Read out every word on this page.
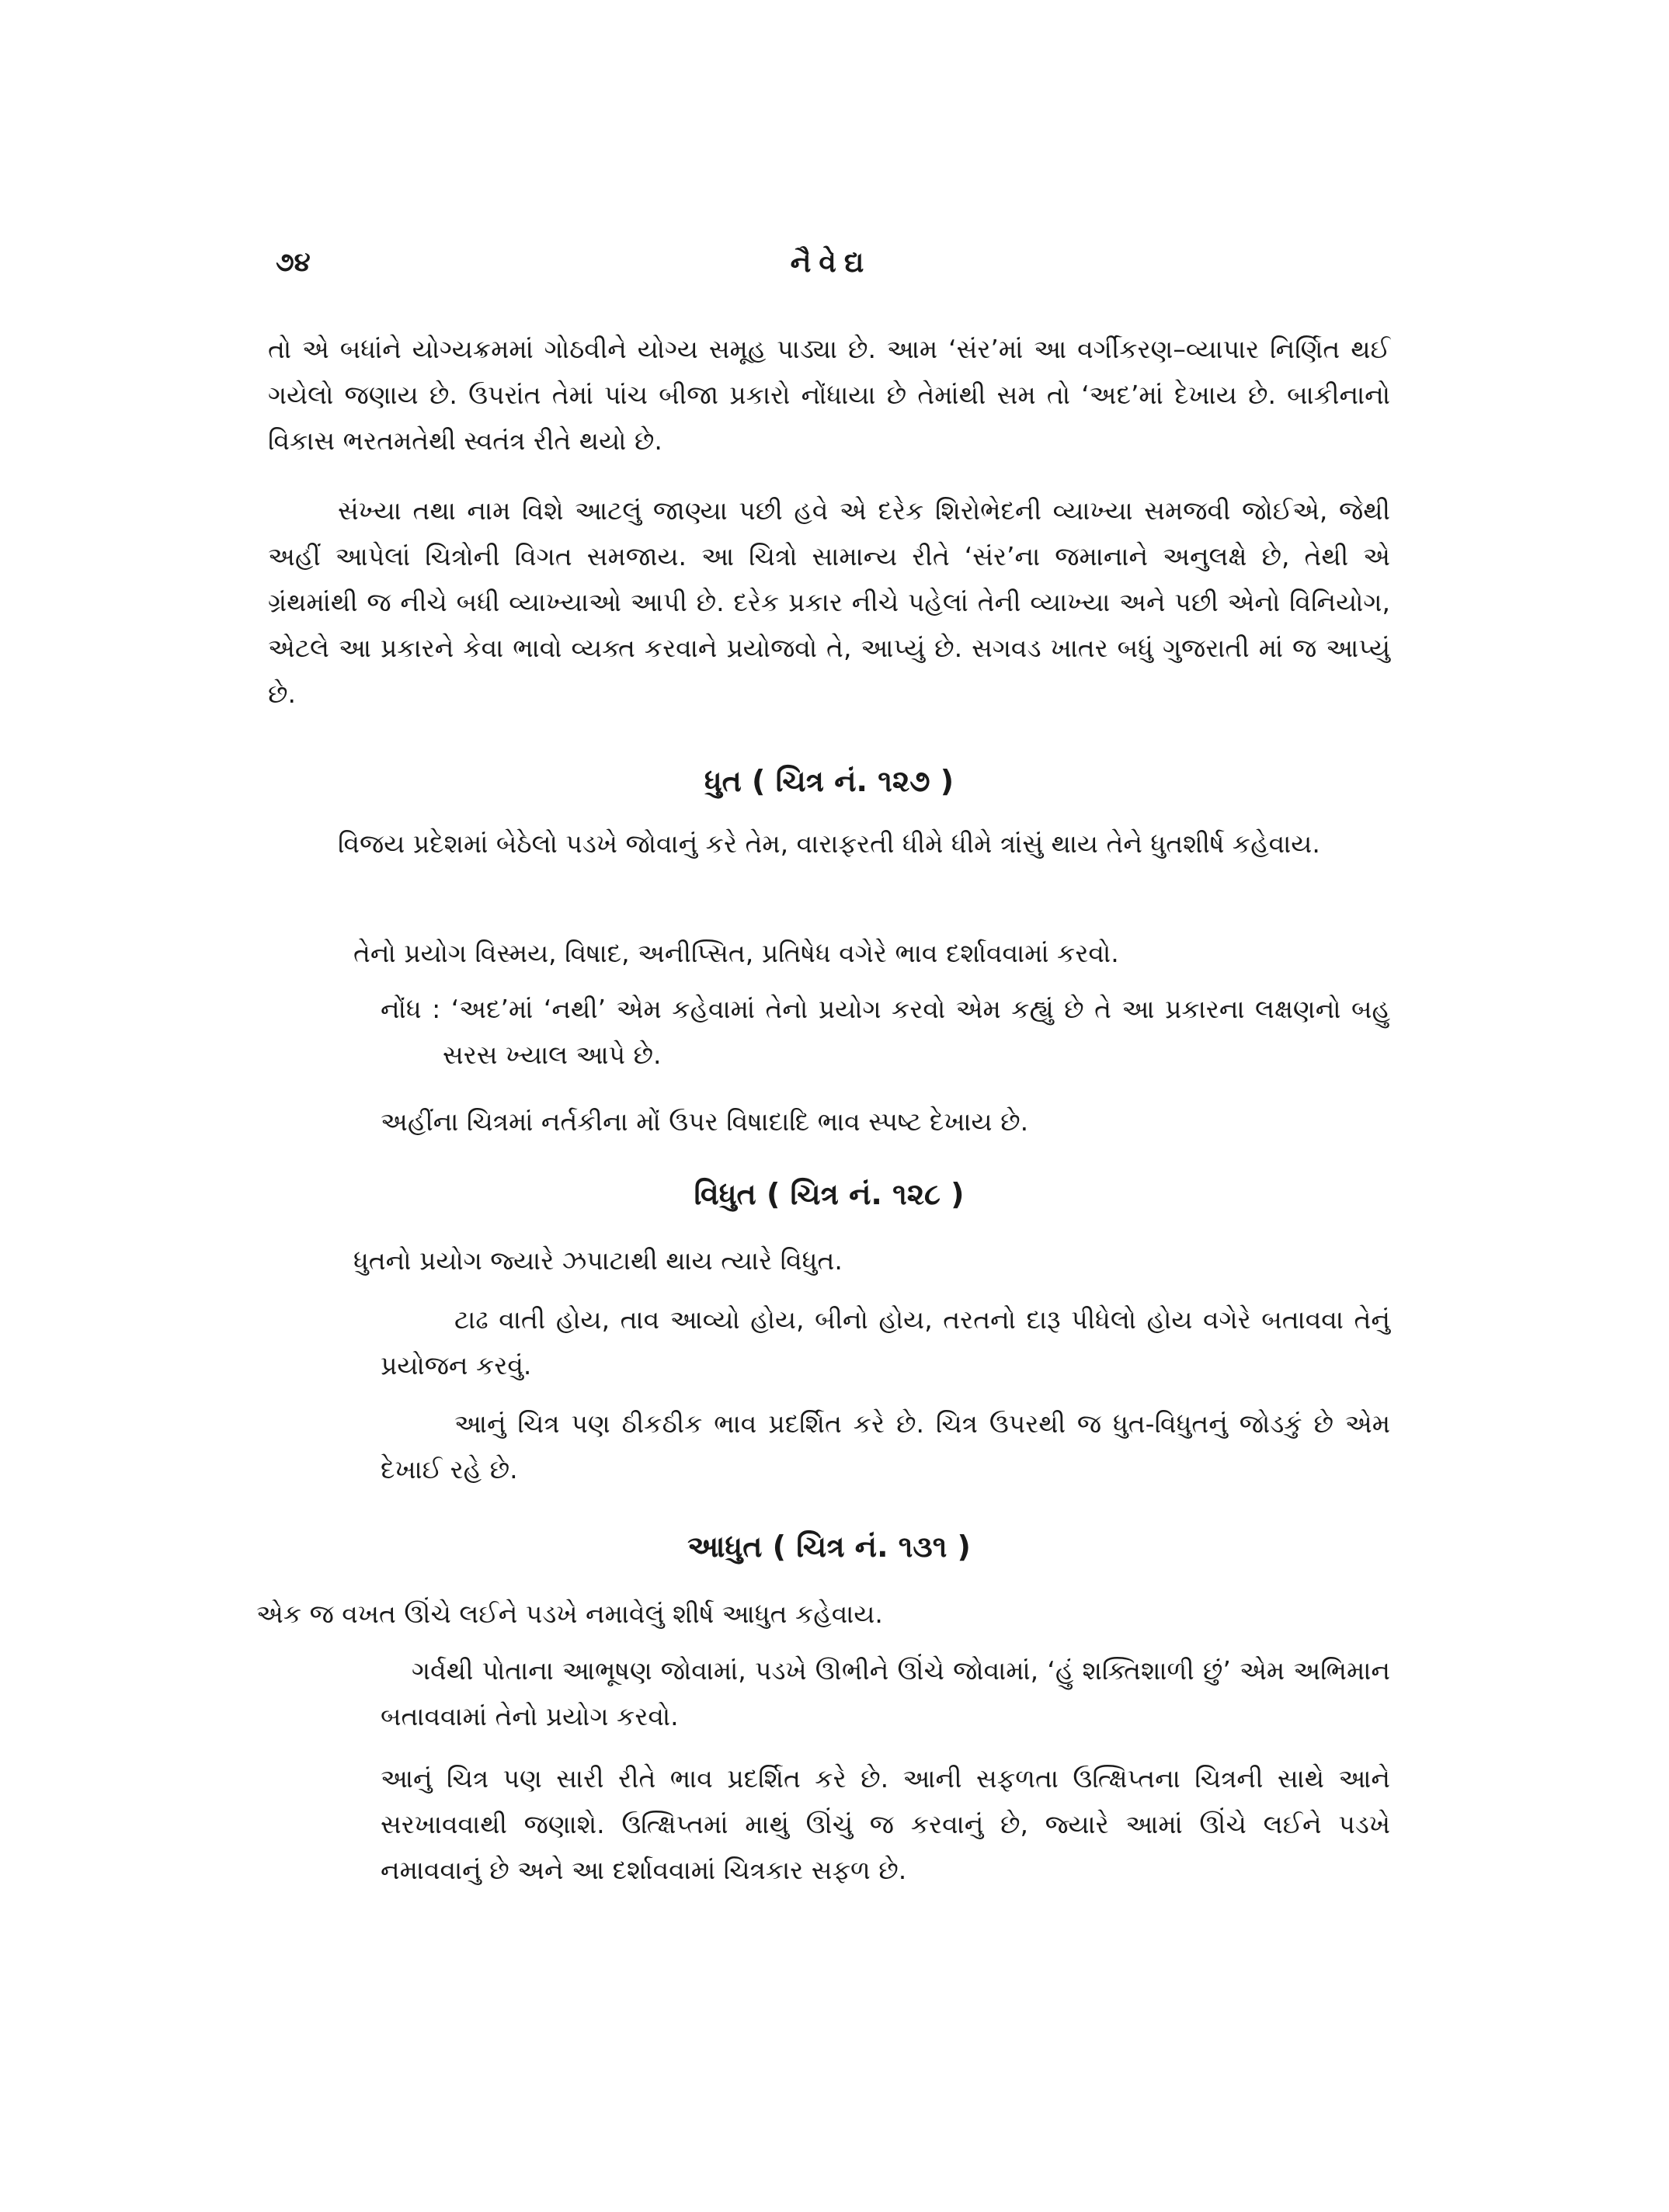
૭૪	નૈવેદ્ય

તો એ બધાંને યોગ્યક્રમમાં ગોઠવીને યોગ્ય સમૂહ પાડ્યા છે. આમ ‘સંર’માં આ વર્ગીકરણ–વ્યાપાર નિર્ણિત થઈ ગયેલો જણાય છે. ઉપરાંત તેમાં પાંચ બીજા પ્રકારો નોંધાયા છે તેમાંથી સમ તો ‘અદ’માં દેખાય છે. બાકીનાનો વિકાસ ભરતમતેથી સ્વતંત્ર રીતે થયો છે.

સંખ્યા તથા નામ વિશે આટલું જાણ્યા પછી હવે એ દરેક શિરોભેદની વ્યાખ્યા સમજવી જોઈએ, જેથી અહીં આપેલાં ચિત્રોની વિગત સમજાય. આ ચિત્રો સામાન્ય રીતે ‘સંર’ના જમાનાને અનુલક્ષે છે, તેથી એ ગ્રંથમાંથી જ નીચે બધી વ્યાખ્યાઓ આપી છે. દરેક પ્રકાર નીચે પહેલાં તેની વ્યાખ્યા અને પછી એનો વિનિયોગ, એટલે આ પ્રકારને કેવા ભાવો વ્યક્ત કરવાને પ્રયોજવો તે, આપ્યું છે. સગવડ ખાતર બધું ગુજરાતી માં જ આપ્યું છે.

ધુત ( ચિત્ર નં. ૧૨૭ )

વિજય પ્રદેશમાં બેઠેલો પડખે જોવાનું કરે તેમ, વારાફરતી ધીમે ધીમે ત્રાંસું થાય તેને ધુતશીર્ષ કહેવાય.

તેનો પ્રયોગ વિસ્મય, વિષાદ, અનીપ્સિત, પ્રતિષેધ વગેરે ભાવ દર્શાવવામાં કરવો.

નોંધ : ‘અદ’માં ‘નથી’ એમ કહેવામાં તેનો પ્રયોગ કરવો એમ કહ્યું છે તે આ પ્રકારના લક્ષણનો બહુ સરસ ખ્યાલ આપે છે.

અહીંના ચિત્રમાં નર્તકીના મોં ઉપર વિષાદાદિ ભાવ સ્પષ્ટ દેખાય છે.
વિધુત ( ચિત્ર નં. ૧૨૮ )
ધુતનો પ્રયોગ જ્યારે ઝપાટાથી થાય ત્યારે વિધુત.

ટાઢ વાતી હોય, તાવ આવ્યો હોય, બીનો હોય, તરતનો દારૂ પીધેલો હોય વગેરે બતાવવા તેનું પ્રયોજન કરવું.

આનું ચિત્ર પણ ઠીકઠીક ભાવ પ્રદર્શિત કરે છે. ચિત્ર ઉપરથી જ ધુત-વિધુતનું જોડકું છે એમ દેખાઈ રહે છે.

આધુત ( ચિત્ર નં. ૧૩૧ )
એક જ વખત ઊંચે લઈને પડખે નમાવેલું શીર્ષ આધુત કહેવાય.

ગર્વથી પોતાના આભૂષણ જોવામાં, પડખે ઊભીને ઊંચે જોવામાં, ‘હું શક્તિશાળી છું’ એમ અભિમાન બતાવવામાં તેનો પ્રયોગ કરવો.

આનું ચિત્ર પણ સારી રીતે ભાવ પ્રદર્શિત કરે છે. આની સફળતા ઉત્ક્ષિપ્તના ચિત્રની સાથે આને સરખાવવાથી જણાશે. ઉત્ક્ષિપ્તમાં માથું ઊંચું જ કરવાનું છે, જ્યારે આમાં ઊંચે લઈને પડખે નમાવવાનું છે અને આ દર્શાવવામાં ચિત્રકાર સફળ છે.
